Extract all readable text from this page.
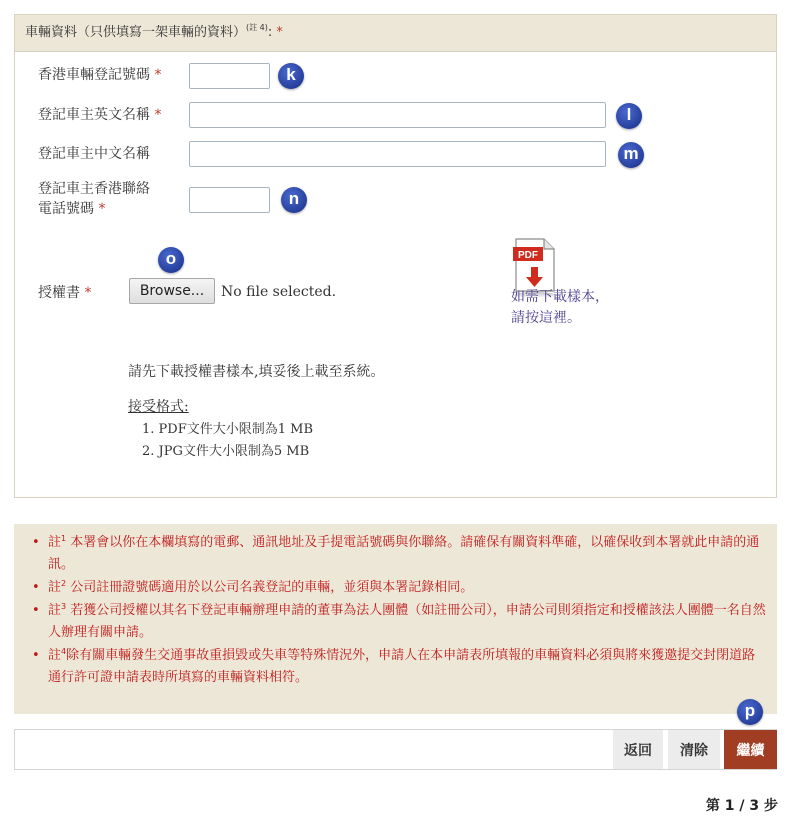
車輛資料（只供填寫一架車輛的資料）$^{(註 4)}$: *
香港車輛登記號碼 *	k
登記車主英文名稱 *	l
登記車主中文名稱	m
登記車主香港聯絡
電話號碼 *
n
o
授權書 *	Browse...	No file selected.
PDF
如需下載樣本，請按這裡。
請先下載授權書樣本,填妥後上載至系統。
接受格式:
1. PDF文件大小限制為1 MB
2. JPG文件大小限制為5 MB
• 註$^1$ 本署會以你在本欄填寫的電郵、通訊地址及手提電話號碼與你聯絡。請確保有關資料準確，以確保收到本署就此申請的通訊。
• 註$^2$ 公司註冊證號碼適用於以公司名義登記的車輛，並須與本署記錄相同。
• 註$^3$ 若獲公司授權以其名下登記車輛辦理申請的董事為法人團體（如註冊公司），申請公司則須指定和授權該法人團體一名自然人辦理有關申請。
• 註$^4$除有關車輛發生交通事故重損毀或失車等特殊情況外，申請人在本申請表所填報的車輛資料必須與將來獲邀提交封閉道路通行許可證申請表時所填寫的車輛資料相符。
p
返回	清除	繼續
第 1 / 3 步
